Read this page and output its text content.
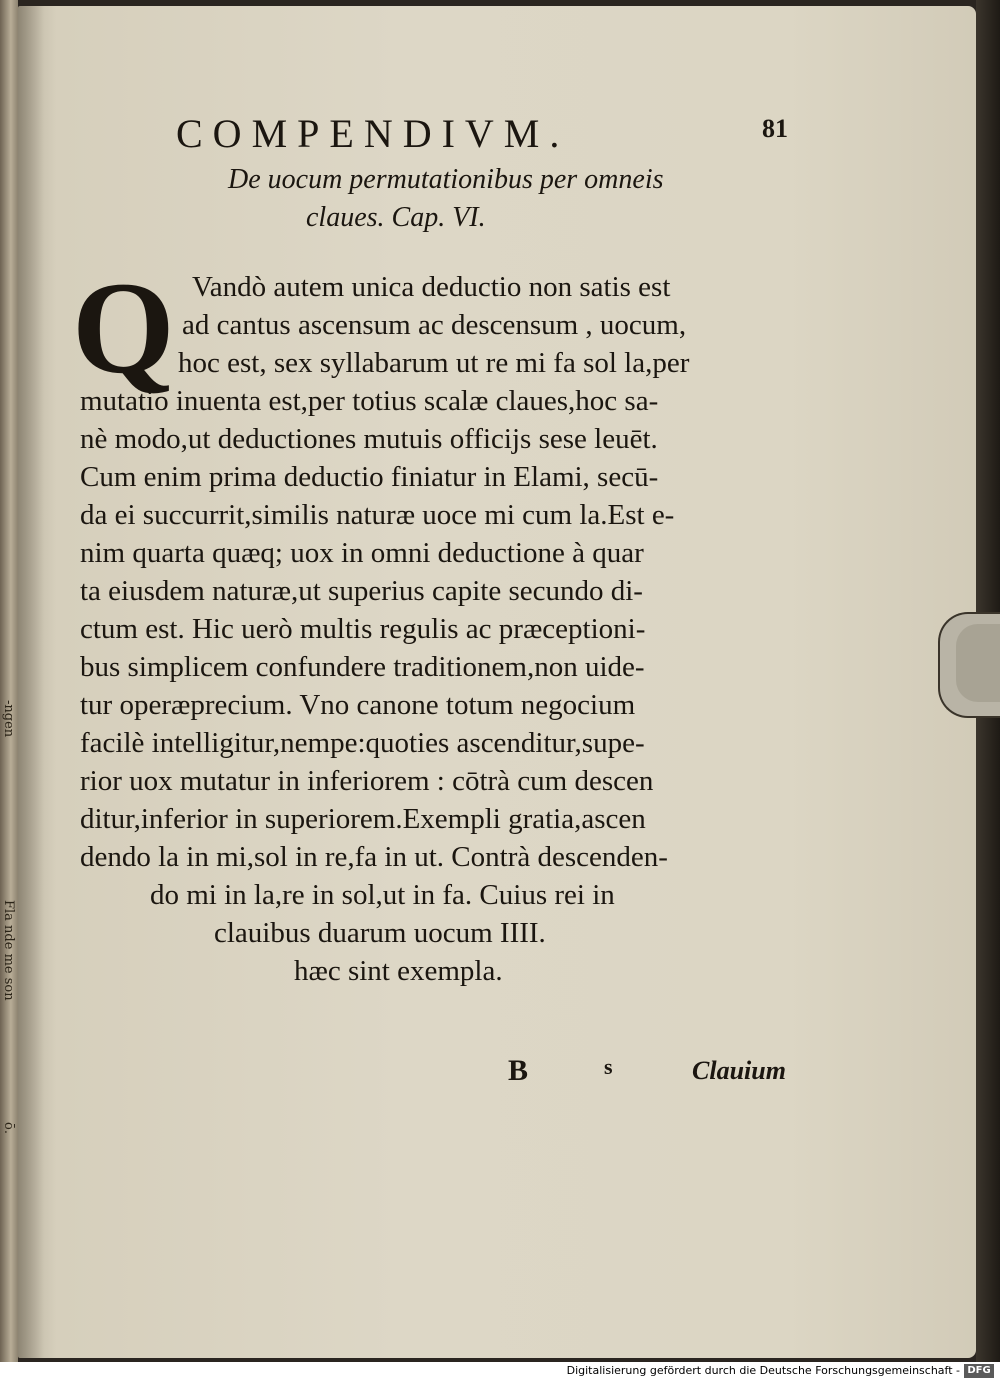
-ngen
Fla nde me son
ō.
COMPENDIVM.	81
De uocum permutationibus per omneis
claues. Cap. VI.
Q Vandò autem unica deductio non satis est
ad cantus ascensum ac descensum , uocum,
hoc est, sex syllabarum ut re mi fa sol la,per
mutatio inuenta est,per totius scalæ claues,hoc sa-
nè modo,ut deductiones mutuis officijs sese leuēt.
Cum enim prima deductio finiatur in Elami, secū-
da ei succurrit,similis naturæ uoce mi cum la.Est e-
nim quarta quæq; uox in omni deductione à quar
ta eiusdem naturæ,ut superius capite secundo di-
ctum est. Hic uerò multis regulis ac præceptioni-
bus simplicem confundere traditionem,non uide-
tur operæprecium. Vno canone totum negocium
facilè intelligitur,nempe:quoties ascenditur,supe-
rior uox mutatur in inferiorem : cōtrà cum descen
ditur,inferior in superiorem.Exempli gratia,ascen
dendo la in mi,sol in re,fa in ut. Contrà descenden-
do mi in la,re in sol,ut in fa. Cuius rei in
clauibus duarum uocum IIII.
hæc sint exempla.
B	s	Clauium
Digitalisierung gefördert durch die Deutsche Forschungsgemeinschaft - DFG
